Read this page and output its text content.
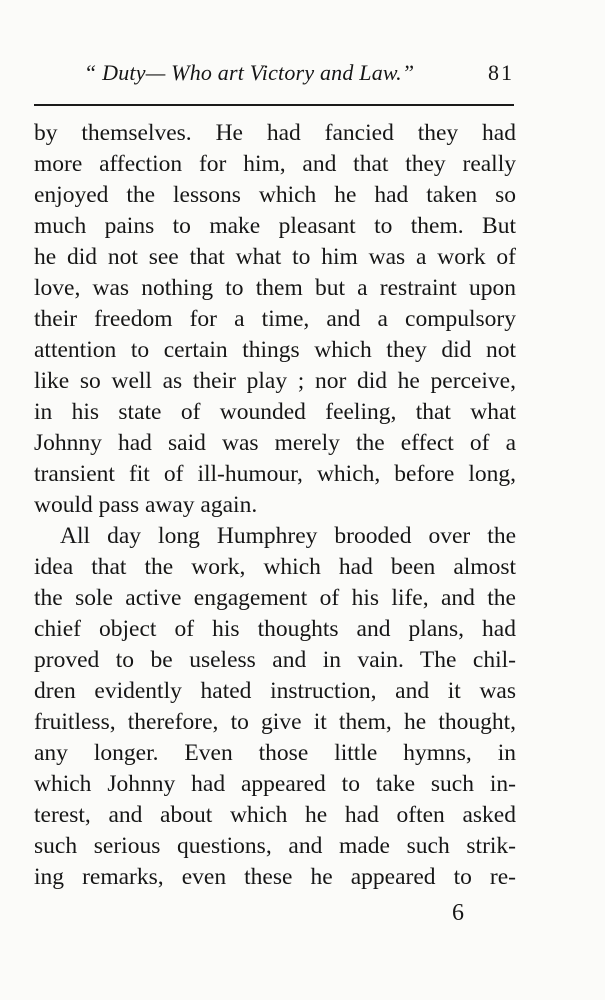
“ Duty— Who art Victory and Law.”	81
by themselves. He had fancied they had
more affection for him, and that they really
enjoyed the lessons which he had taken so
much pains to make pleasant to them. But
he did not see that what to him was a work of
love, was nothing to them but a restraint upon
their freedom for a time, and a compulsory
attention to certain things which they did not
like so well as their play ; nor did he perceive,
in his state of wounded feeling, that what
Johnny had said was merely the effect of a
transient fit of ill-humour, which, before long,
would pass away again.
All day long Humphrey brooded over the
idea that the work, which had been almost
the sole active engagement of his life, and the
chief object of his thoughts and plans, had
proved to be useless and in vain. The chil-
dren evidently hated instruction, and it was
fruitless, therefore, to give it them, he thought,
any longer. Even those little hymns, in
which Johnny had appeared to take such in-
terest, and about which he had often asked
such serious questions, and made such strik-
ing remarks, even these he appeared to re-
6
